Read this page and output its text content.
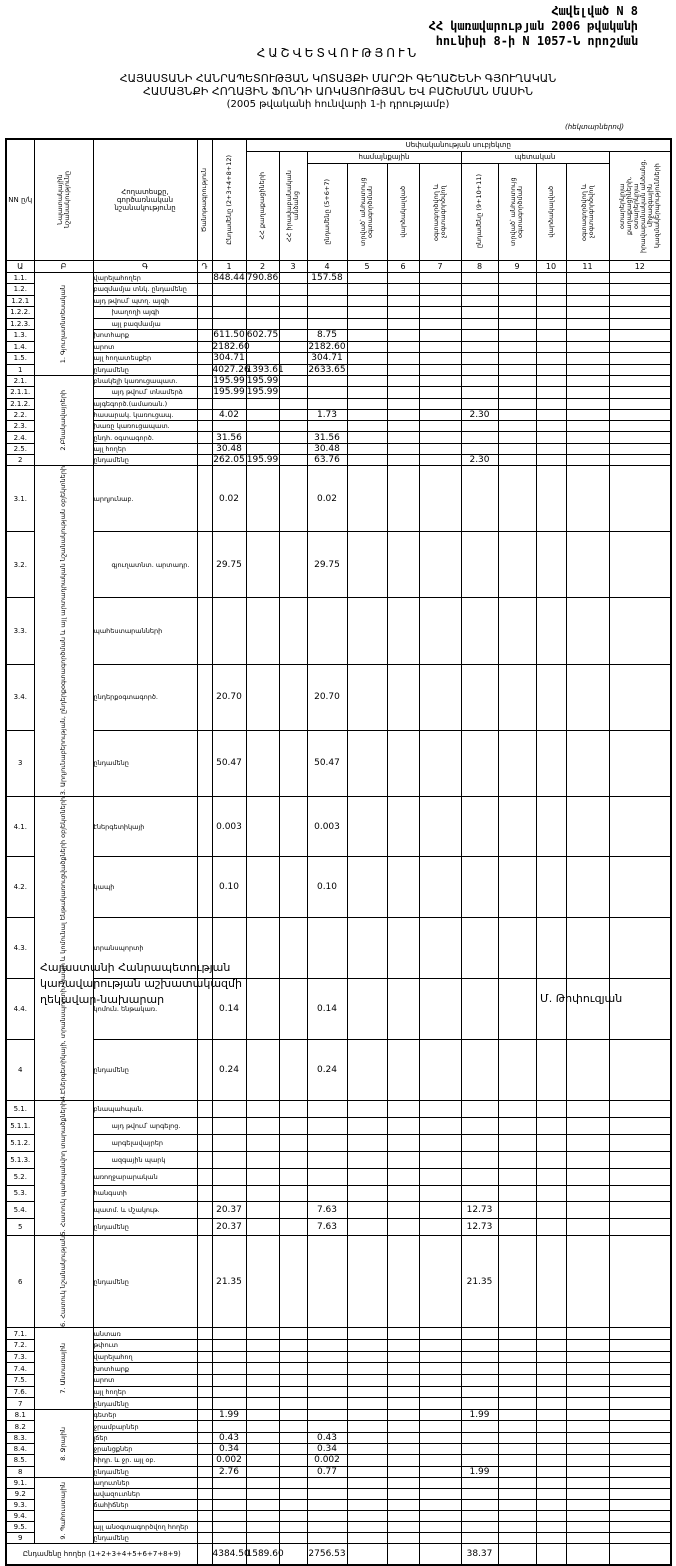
Հավելված N 8
ՀՀ կառավարության 2006 թվականի
հունիսի 8-ի N 1057-Ն որոշման
ՀԱՇՎԵՏՎՈՒԹՅՈՒՆ
ՀԱՅԱՍՏԱՆԻ ՀԱՆՐԱՊԵՏՈՒԹՅԱՆ ԿՈՏԱՅՔԻ ՄԱՐԶԻ ԳԵՂԱՇԵՆԻ ԳՅՈՒՂԱԿԱՆ
ՀԱՄԱՅՆՔԻ ՀՈՂԱՅԻՆ ՖՈՆԴԻ ԱՌԿԱՅՈՒԹՅԱՆ ԵՎ ԲԱՇԽՄԱՆ ՄԱՍԻՆ
(2005 թվականի հունվարի 1-ի դրությամբ)
(հեկտարներով)
NN ը/կ	Նպատակային նշանակությունը	Հողատեսքը, գործառնական նշանակությունը	Ծանոթագրություն	Ընդամենը (2+3+4+8+12)	Սեփականության սուբյեկտը										

					ՀՀ քաղաքացիների	ՀՀ իրավաբանական անձանց	համայնքային				պետական				օտարերկրյա քաղաքացիների, օտարերկրյա իրավաբանական անձանց, միջազգային կազմակերպությունների

							ընդամենը (5+6+7)	տրված՝ անհատույց օգտագործման	վարձակալված	օգտագործվող և չօգտագործվող	ընդամենը (9+10+11)	տրված՝ անհատույց օգտագործման	վարձակալված	օգտագործվող և չօգտագործվող	

Ա	Բ	Գ	Դ	1	2	3	4	5	6	7	8	9	10	11	12
1.1.	1. Գյուղատնտեսական	վարելահողեր		848.44	790.86		157.58								
1.2.		բազմամյա տնկ. ընդամենը													
1.2.1		այդ թվում՝ պտղ. այգի													
1.2.2.		խաղողի այգի													
1.2.3.		այլ բազմամյա													
1.3.		խոտհարք		611.50	602.75		8.75								
1.4.		արոտ		2182.60			2182.60								
1.5.		այլ հողատեսքեր		304.71			304.71								
1		ընդամենը		4027.26	1393.61		2633.65								
2.1.	2.Բնակավայրերի	բնակելի կառուցապատ.		195.99	195.99										
2.1.1.		այդ թվում՝ տնամերձ		195.99	195.99										
2.1.2.		այգեգործ.(ամառան.)													
2.2.		հասարակ. կառուցապ.		4.02			1.73				2.30				
2.3.		խառը կառուցապատ.													
2.4.		ընդհ. օգտագործ.		31.56			31.56								
2.5.		այլ հողեր		30.48			30.48								
2		ընդամենը		262.05	195.99		63.76				2.30				
3.1.	3. Արդյունաբերության, ընդերքօգտագործման և այլ արտադրական նշանակության օբյեկտների	արդյունաբ.		0.02			0.02								
3.2.		գյուղատնտ. արտադր.		29.75			29.75								
3.3.		պահեստարանների													
3.4.		ընդերքօգտագործ.		20.70			20.70								
3		ընդամենը		50.47			50.47								
4.1.	4.Էներգետիկայի, տրանսպորտի, կապի և կոմունալ ենթակառուցվածքների օբյեկտների	էներգետիկայի		0.003			0.003								
4.2.		կապի		0.10			0.10								
4.3.		տրանսպորտի													
4.4.		կոմուն. ենթակառ.		0.14			0.14								
4		ընդամենը		0.24			0.24								
5.1.	5. Հատուկ պահպանվող տարածքների	բնապահպան.													
5.1.1.		այդ թվում՝ արգելոց.													
5.1.2.		արգելավայրեր													
5.1.3.		ազգային պարկ													
5.2.		առողջարարական													
5.3.		հանգստի													
5.4.		պատմ. և մշակութ.		20.37			7.63				12.73				
5		ընդամենը		20.37			7.63				12.73				
6	6. Հատուկ նշանակության	ընդամենը		21.35							21.35				
7.1.	7. Անտառային	անտառ													
7.2.		թփուտ													
7.3.		վարելահող													
7.4.		խոտհարք													
7.5.		արոտ													
7.6.		այլ հողեր													
7		ընդամենը													
8.1	8. Ջրային	գետեր		1.99							1.99				
8.2		ջրամբարներ													
8.3.		լճեր		0.43			0.43								
8.4.		ջրանցքներ		0.34			0.34								
8.5.		հիդր. և ջր. այլ օբ.		0.002			0.002								
8		ընդամենը		2.76			0.77				1.99				
9.1.	9. Պահուստային	աղուտներ													
9.2		ավազուտներ													
9.3.		ճահիճներ													
9.4.															
9.5.		այլ անօգտագործվող հողեր													
9		ընդամենը													
Ընդամենը հողեր (1+2+3+4+5+6+7+8+9)				4384.50	1589.60		2756.53				38.37				
Հայաստանի Հանրապետության
կառավարության աշխատակազմի
ղեկավար-նախարար	Մ. Թոփուզյան
